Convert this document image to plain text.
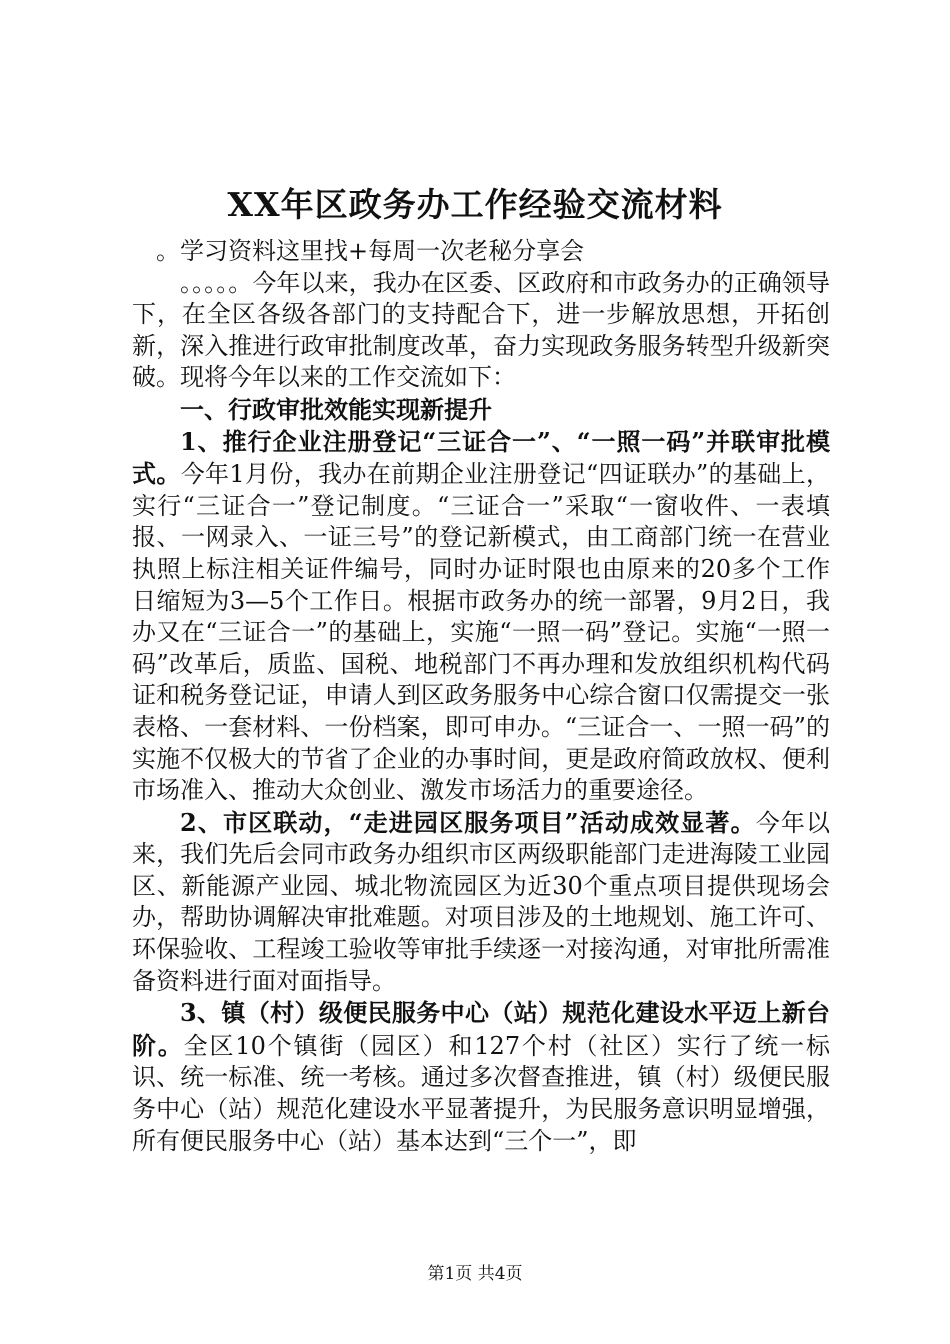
XX年区政务办工作经验交流材料

。学习资料这里找+每周一次老秘分享会

。。。。。今年以来，我办在区委、区政府和市政务办的正确领导下，在全区各级各部门的支持配合下，进一步解放思想，开拓创新，深入推进行政审批制度改革，奋力实现政务服务转型升级新突破。现将今年以来的工作交流如下：

一、行政审批效能实现新提升

1、推行企业注册登记“三证合一”、“一照一码”并联审批模式。今年1月份，我办在前期企业注册登记“四证联办”的基础上，实行“三证合一”登记制度。“三证合一”采取“一窗收件、一表填报、一网录入、一证三号”的登记新模式，由工商部门统一在营业执照上标注相关证件编号，同时办证时限也由原来的20多个工作日缩短为3—5个工作日。根据市政务办的统一部署，9月2日，我办又在“三证合一”的基础上，实施“一照一码”登记。实施“一照一码”改革后，质监、国税、地税部门不再办理和发放组织机构代码证和税务登记证，申请人到区政务服务中心综合窗口仅需提交一张表格、一套材料、一份档案，即可申办。“三证合一、一照一码”的实施不仅极大的节省了企业的办事时间，更是政府简政放权、便利市场准入、推动大众创业、激发市场活力的重要途径。

2、市区联动，“走进园区服务项目”活动成效显著。今年以来，我们先后会同市政务办组织市区两级职能部门走进海陵工业园区、新能源产业园、城北物流园区为近30个重点项目提供现场会办，帮助协调解决审批难题。对项目涉及的土地规划、施工许可、环保验收、工程竣工验收等审批手续逐一对接沟通，对审批所需准备资料进行面对面指导。

3、镇（村）级便民服务中心（站）规范化建设水平迈上新台阶。全区10个镇街（园区）和127个村（社区）实行了统一标识、统一标准、统一考核。通过多次督查推进，镇（村）级便民服务中心（站）规范化建设水平显著提升，为民服务意识明显增强，所有便民服务中心（站）基本达到“三个一”，即

第1页 共4页
